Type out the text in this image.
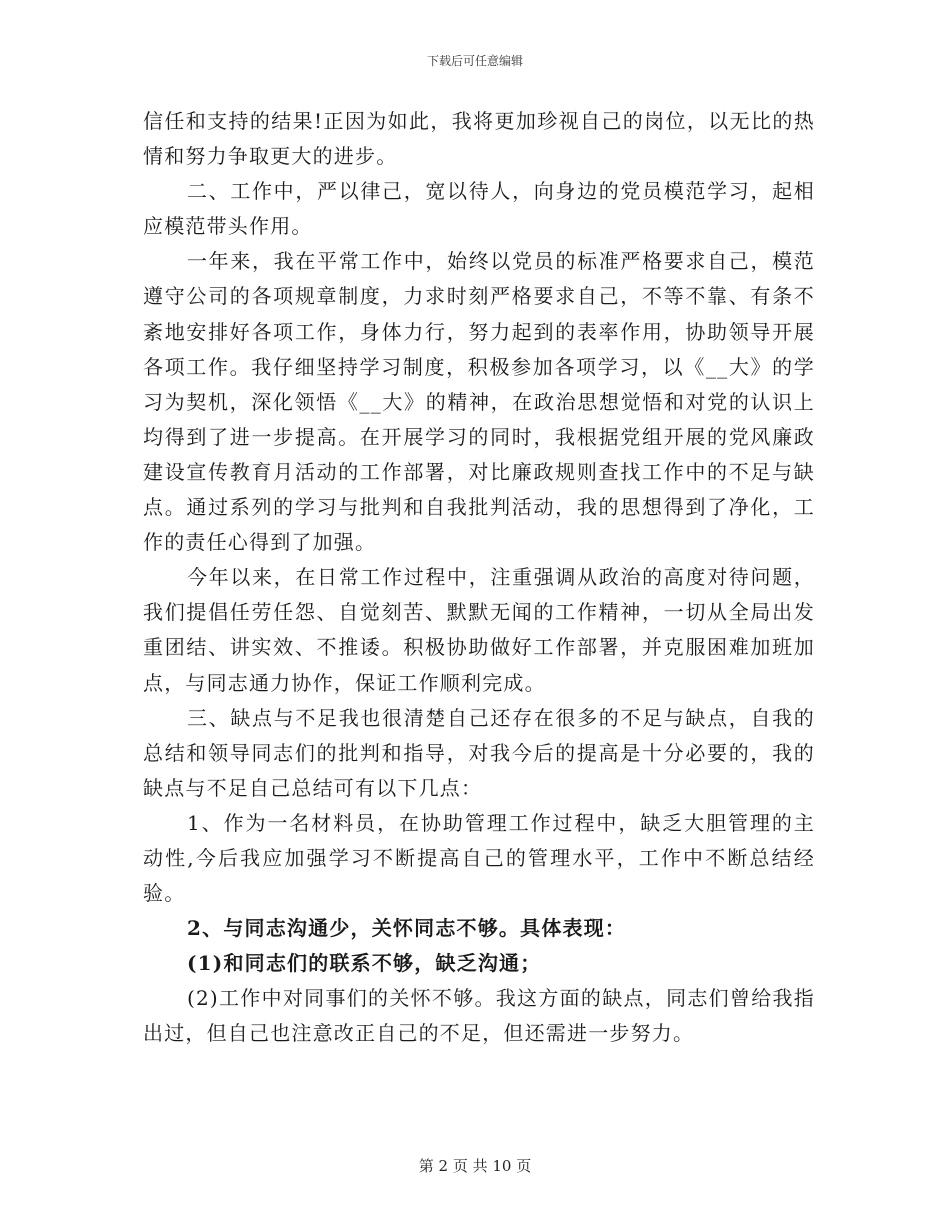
下载后可任意编辑

信任和支持的结果!正因为如此，我将更加珍视自己的岗位，以无比的热情和努力争取更大的进步。

二、工作中，严以律己，宽以待人，向身边的党员模范学习，起相应模范带头作用。

一年来，我在平常工作中，始终以党员的标准严格要求自己，模范遵守公司的各项规章制度，力求时刻严格要求自己，不等不靠、有条不紊地安排好各项工作，身体力行，努力起到的表率作用，协助领导开展各项工作。我仔细坚持学习制度，积极参加各项学习，以《__大》的学习为契机，深化领悟《__大》的精神，在政治思想觉悟和对党的认识上均得到了进一步提高。在开展学习的同时，我根据党组开展的党风廉政建设宣传教育月活动的工作部署，对比廉政规则查找工作中的不足与缺点。通过系列的学习与批判和自我批判活动，我的思想得到了净化，工作的责任心得到了加强。

今年以来，在日常工作过程中，注重强调从政治的高度对待问题，我们提倡任劳任怨、自觉刻苦、默默无闻的工作精神，一切从全局出发重团结、讲实效、不推诿。积极协助做好工作部署，并克服困难加班加点，与同志通力协作，保证工作顺利完成。

三、缺点与不足我也很清楚自己还存在很多的不足与缺点，自我的总结和领导同志们的批判和指导，对我今后的提高是十分必要的，我的缺点与不足自己总结可有以下几点：

1、作为一名材料员，在协助管理工作过程中，缺乏大胆管理的主动性,今后我应加强学习不断提高自己的管理水平，工作中不断总结经验。

2、与同志沟通少，关怀同志不够。具体表现：

(1)和同志们的联系不够，缺乏沟通；

(2)工作中对同事们的关怀不够。我这方面的缺点，同志们曾给我指出过，但自己也注意改正自己的不足，但还需进一步努力。

第 2 页 共 10 页
